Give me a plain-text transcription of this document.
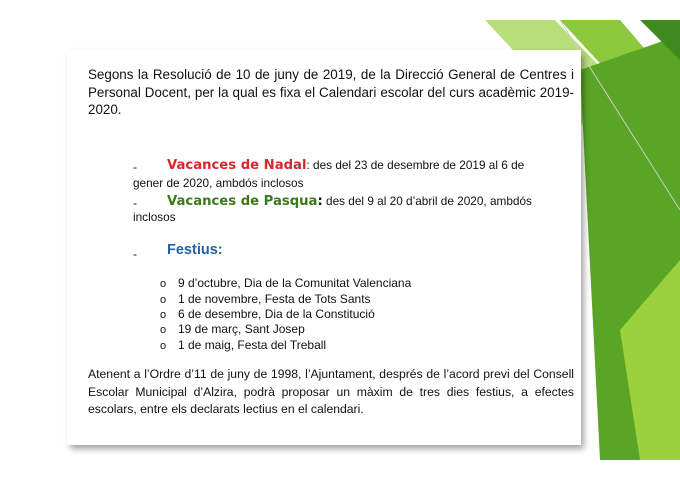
Segons la Resolució de 10 de juny de 2019, de la Direcció General de Centres i Personal Docent, per la qual es fixa el Calendari escolar del curs acadèmic 2019-2020.
- Vacances de Nadal: des del 23 de desembre de 2019 al 6 de
gener de 2020, ambdós inclosos
- Vacances de Pasqua: des del 9 al 20 d’abril de 2020, ambdós
inclosos
- Festius:
o 9 d’octubre, Dia de la Comunitat Valenciana
o 1 de novembre, Festa de Tots Sants
o 6 de desembre, Dia de la Constitució
o 19 de març, Sant Josep
o 1 de maig, Festa del Treball
Atenent a l’Ordre d’11 de juny de 1998, l’Ajuntament, després de l’acord previ del Consell Escolar Municipal d’Alzira, podrà proposar un màxim de tres dies festius, a efectes escolars, entre els declarats lectius en el calendari.
